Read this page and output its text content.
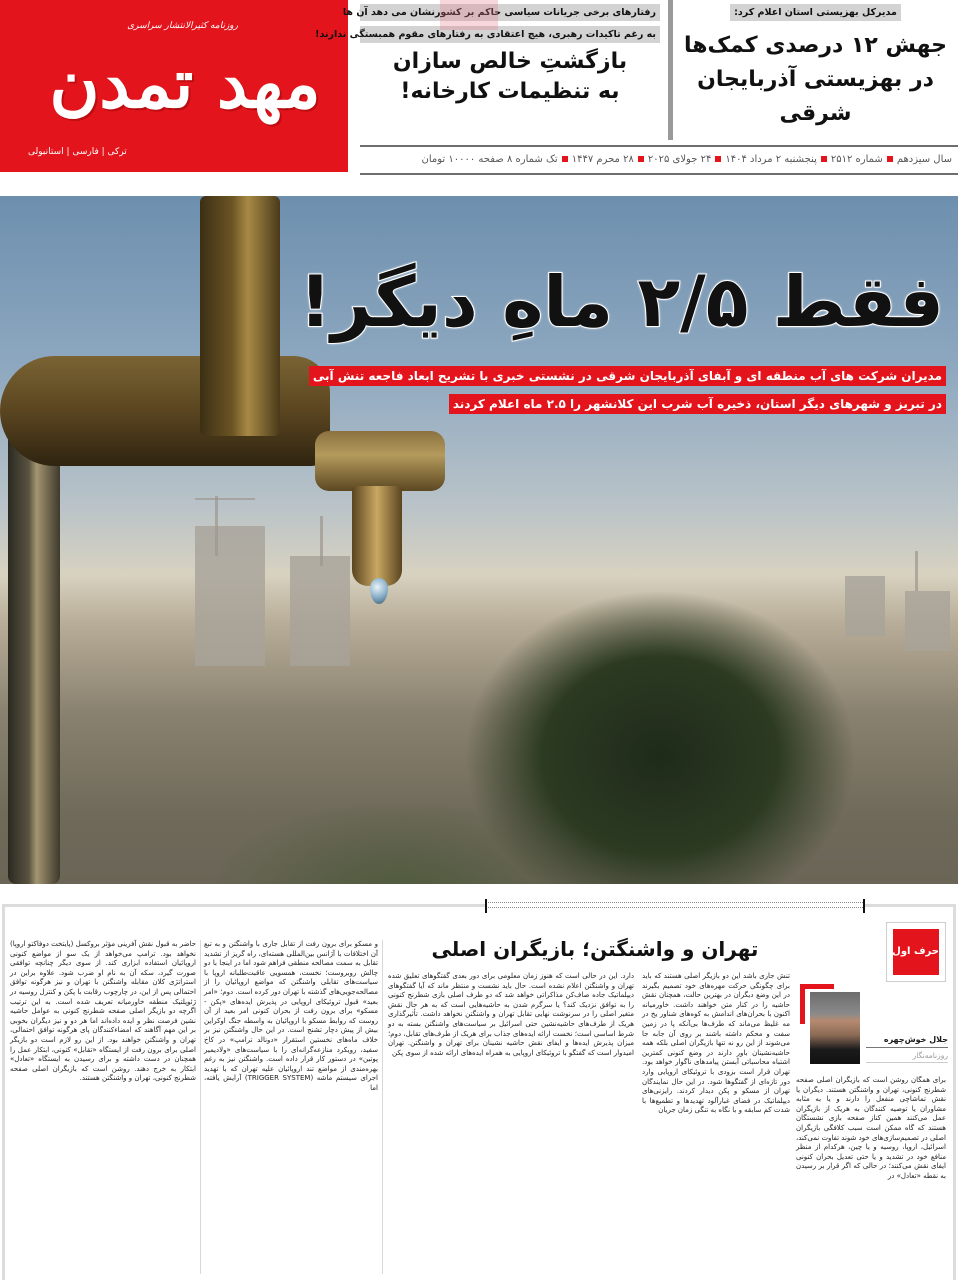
روزنامه کثیرالانتشار سراسری
مهد تمدن
ترکی | فارسی | استانبولی
رفتارهای برخی جریانات سیاسی حاکم بر کشورنشان می دهد آن ها به رغم تاکیدات رهبری، هیچ اعتقادی به رفتارهای مقوم همبستگی ندارند!
بازگشتِ خالص سازان
به تنظیمات کارخانه!
مدیرکل بهزیستی استان اعلام کرد:
جهش ۱۲ درصدی کمک‌ها
در بهزیستی آذربایجان شرقی
سال سیزدهمشماره ۲۵۱۲پنجشنبه ۲ مرداد ۱۴۰۴۲۴ جولای ۲۰۲۵۲۸ محرم ۱۴۴۷تک شماره ۸ صفحه ۱۰۰۰۰ تومان
فقط ۲/۵ ماهِ دیگر!
مدیران شرکت های آب منطقه ای و آبفای آذربایجان شرقی در نشستی خبری با تشریح ابعاد فاجعه تنش آبی
در تبریز و شهرهای دیگر استان، ذخیره آب شرب این کلانشهر را ۲.۵ ماه اعلام کردند
حرف اول
جلال خوش‌چهره
روزنامه‌نگار
تهران و واشنگتن؛ بازیگران اصلی

برای همگان روشن است که بازیگران اصلی صفحه شطرنج کنونی، تهران و واشنگتن هستند. دیگران یا نقش تماشاچی منفعل را دارند و یا به مثابه مشاوران یا توصیه کنندگان به هریک از بازیگران عمل می‌کنند همین کناز صفحه بازی نشستگان هستند که گاه ممکن است سبب کلافگی بازیگران اصلی در تصمیم‌سازی‌های خود شوند تفاوت نمی‌کند، اسرائیل، اروپا، روسیه و یا چین، هرکدام از منظر منافع خود در تشدید و یا حتی تعدیل بحران کنونی ایفای نقش می‌کنند؛ در حالی که اگر قرار بر رسیدن به نقطه «تعادل» در

تنش جاری باشد این دو بازیگر اصلی هستند که باید برای چگونگی حرکت مهره‌های خود تصمیم بگیرند در این وضع دیگران در بهترین حالت، همچنان نقش حاشیه را در کنار متن خواهند داشت. خاورمیانه اکنون با بحران‌های اندامش به کوه‌های شناور یخ در مه غلیظ می‌ماند که طرف‌ها بی‌آنکه پا در زمین سفت و محکم داشته باشند بر روی آن جابه جا می‌شوند از این رو نه تنها بازیگران اصلی بلکه همه حاشیه‌نشینان باور دارند در وضع کنونی کمترین اشتباه محاسباتی آبستن پیامدهای ناگوار خواهد بود. تهران قرار است بزودی با تروئیکای اروپایی وارد دور تازه‌ای از گفتگوها شود. در این حال نمایندگان تهران از مسکو و پکن دیدار کردند. رایزنی‌های دیپلماتیک در فضای غبارآلود تهدیدها و تطمیع‌ها با شدت کم سابقه و با نگاه به تنگی زمان جریان

دارد. این در حالی است که هنوز زمان معلومی برای دور بعدی گفتگوهای تعلیق شده تهران و واشنگتن اعلام نشده است. حال باید نشست و منتظر ماند که آیا گفتگوهای دیپلماتیک جاده صاف‌کن مذاکراتی خواهد شد که دو طرف اصلی بازی شطرنج کنونی را به توافق نزدیک کند؟ یا سرگرم شدن به حاشیه‌هایی است که به هر حال نقش متغیر اصلی را در سرنوشت نهایی تقابل تهران و واشنگتن نخواهد داشت. تأثیرگذاری هریک از طرف‌های حاشیه‌نشین حتی اسرائیل بر سیاست‌های واشنگتن بسته به دو شرط اساسی است؛ نخست ارائه ایده‌های جذاب برای هریک از طرف‌های تقابل، دوم؛ میزان پذیرش ایده‌ها و ایفای نقش حاشیه نشینان برای تهران و واشنگتن. تهران امیدوار است که گفتگو با تروئیکای اروپایی به همراه ایده‌های ارائه شده از سوی پکن

و مسکو برای برون رفت از تقابل جاری با واشنگتن و به تبع آن اختلافات با آژانس بین‌المللی هسته‌ای، راه گریز از تشدید تقابل به سمت مصالحه منطقی فراهم شود اما در اینجا با دو چالش روبروست؛ نخست، همسویی عاقبت‌طلبانه اروپا با سیاست‌های تقابلی واشنگتن که مواضع اروپائیان را از مصالحه‌جویی‌های گذشته با تهران دور کرده است. دوم؛ «امر بعید» قبول تروئیکای اروپایی در پذیرش ایده‌های «پکن - مسکو» برای برون رفت از بحران کنونی امر بعید از آن روست که روابط مسکو با اروپائیان به واسطه جنگ اوکراین بیش از پیش دچار تشنج است. در این حال واشنگتن نیز بر خلاف ماه‌های نخستین استقرار «دونالد ترامپ» در کاخ سفید، رویکرد منازعه‌گرانه‌ای را با سیاست‌های «ولادیمیر پوتین» در دستور کار قرار داده است. واشنگتن نیز به رغم بهره‌مندی از مواضع تند اروپائیان علیه تهران که با تهدید اجرای سیستم ماشه (TRIGGER SYSTEM) آرایش یافته، اما

حاضر به قبول نقش آفرینی مؤثر بروکسل (پایتخت دوفاکتو اروپا) نخواهد بود. ترامپ می‌خواهد از یک سو از مواضع کنونی اروپائیان استفاده ابزاری کند. از سوی دیگر چنانچه توافقی صورت گیرد، سکه آن به نام او ضرب شود. علاوه براین در استراتژی کلان مقابله واشنگتن با تهران و نیز هرگونه توافق احتمالی پس از این، در چارچوب رقابت با پکن و کنترل روسیه در ژئوپلتیک منطقه خاورمیانه تعریف شده است. به این ترتیب اگرچه دو بازیگر اصلی صفحه شطرنج کنونی به عوامل حاشیه نشین فرصت نظر و ایده داده‌اند اما هر دو و نیز دیگران بخوبی بر این مهم آگاهند که امضاءکنندگان پای هرگونه توافق احتمالی، تهران و واشنگتن خواهند بود. از این رو لازم است دو بازیگر اصلی برای برون رفت از ایستگاه «تقابل» کنونی، ابتکار عمل را همچنان در دست داشته و برای رسیدن به ایستگاه «تعادل» ابتکار به خرج دهند. روشن است که بازیگران اصلی صفحه شطرنج کنونی، تهران و واشنگتن هستند.
